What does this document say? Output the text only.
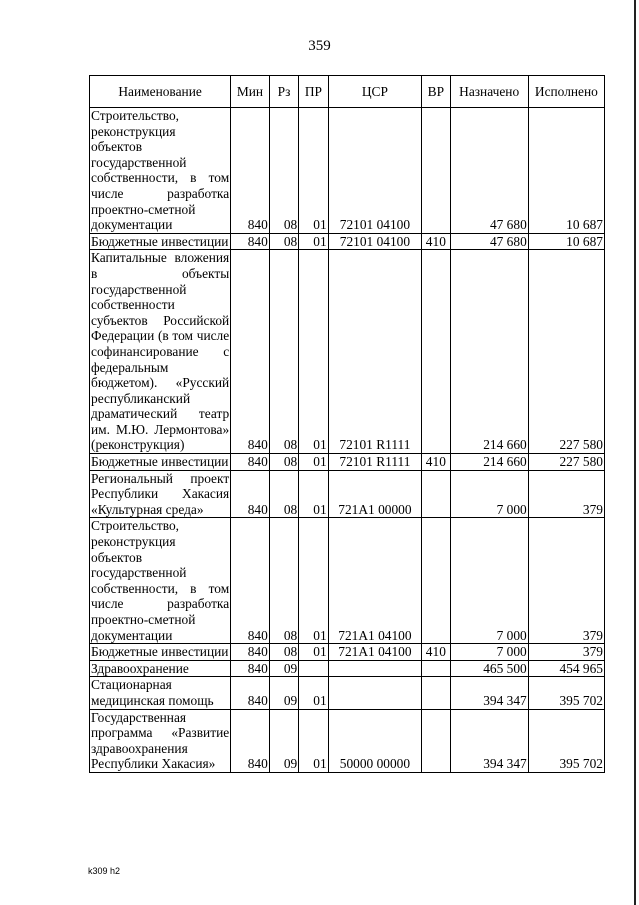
359
Наименование	Мин	Рз	ПР	ЦСР	ВР	Назначено	Исполнено
Строительство, реконструкция объектов государственной собственности, в том числе разработка проектно-сметной документации	840	08	01	72101 04100		47 680	10 687
Бюджетные инвестиции	840	08	01	72101 04100	410	47 680	10 687
Капитальные вложения в объекты государственной собственности субъектов Российской Федерации (в том числе софинансирование с федеральным бюджетом). «Русский республиканский драматический театр им. М.Ю. Лермонтова» (реконструкция)	840	08	01	72101 R1111		214 660	227 580
Бюджетные инвестиции	840	08	01	72101 R1111	410	214 660	227 580
Региональный проект Республики Хакасия «Культурная среда»	840	08	01	721A1 00000		7 000	379
Строительство, реконструкция объектов государственной собственности, в том числе разработка проектно-сметной документации	840	08	01	721A1 04100		7 000	379
Бюджетные инвестиции	840	08	01	721A1 04100	410	7 000	379
Здравоохранение	840	09				465 500	454 965
Стационарная медицинская помощь	840	09	01			394 347	395 702
Государственная программа «Развитие здравоохранения Республики Хакасия»	840	09	01	50000 00000		394 347	395 702
k309 h2
